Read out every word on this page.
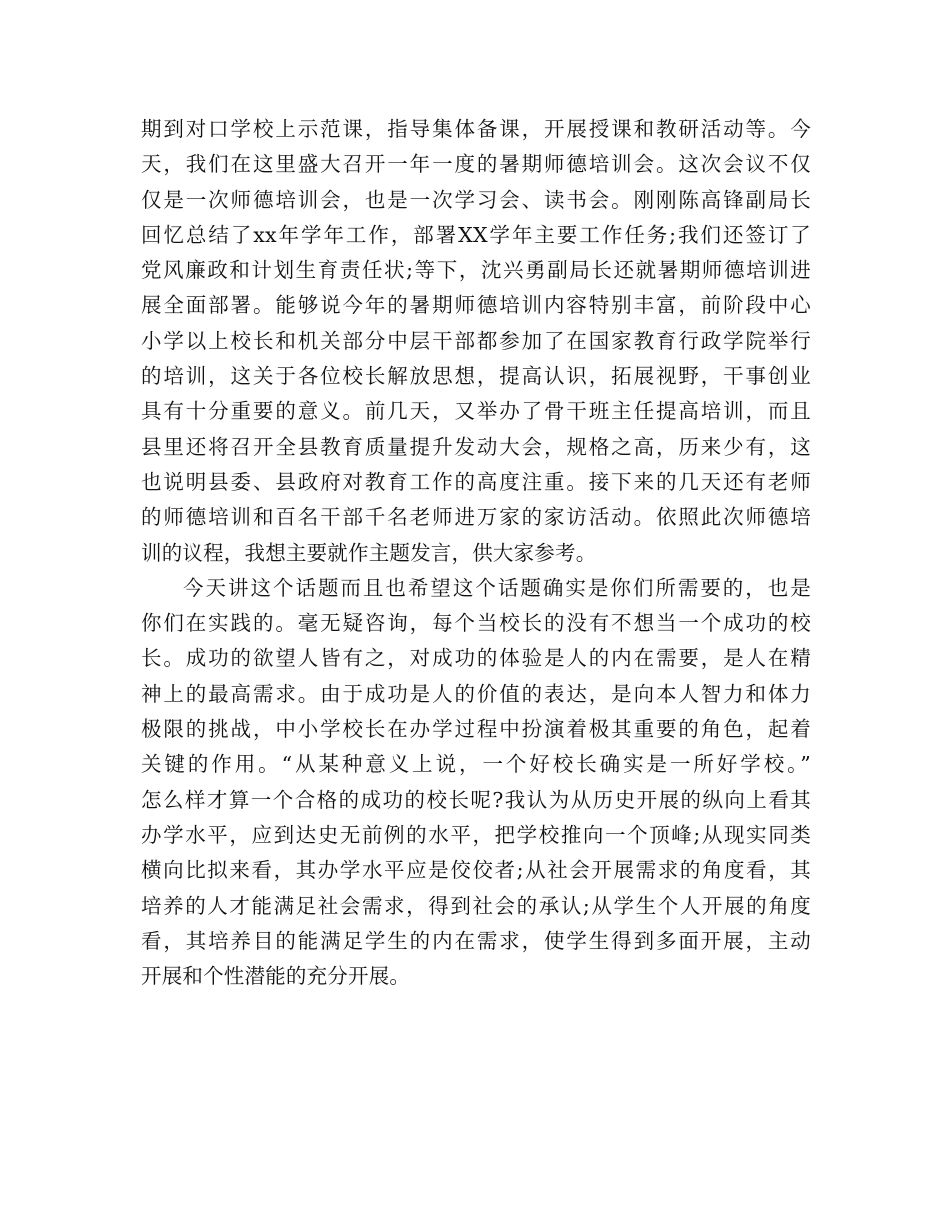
期到对口学校上示范课，指导集体备课，开展授课和教研活动等。今
天，我们在这里盛大召开一年一度的暑期师德培训会。这次会议不仅
仅是一次师德培训会，也是一次学习会、读书会。刚刚陈高锋副局长
回忆总结了xx年学年工作，部署XX学年主要工作任务;我们还签订了
党风廉政和计划生育责任状;等下，沈兴勇副局长还就暑期师德培训进
展全面部署。能够说今年的暑期师德培训内容特别丰富，前阶段中心
小学以上校长和机关部分中层干部都参加了在国家教育行政学院举行
的培训，这关于各位校长解放思想，提高认识，拓展视野，干事创业
具有十分重要的意义。前几天，又举办了骨干班主任提高培训，而且
县里还将召开全县教育质量提升发动大会，规格之高，历来少有，这
也说明县委、县政府对教育工作的高度注重。接下来的几天还有老师
的师德培训和百名干部千名老师进万家的家访活动。依照此次师德培
训的议程，我想主要就作主题发言，供大家参考。
今天讲这个话题而且也希望这个话题确实是你们所需要的，也是
你们在实践的。毫无疑咨询，每个当校长的没有不想当一个成功的校
长。成功的欲望人皆有之，对成功的体验是人的内在需要，是人在精
神上的最高需求。由于成功是人的价值的表达，是向本人智力和体力
极限的挑战，中小学校长在办学过程中扮演着极其重要的角色，起着
关键的作用。“从某种意义上说，一个好校长确实是一所好学校。”
怎么样才算一个合格的成功的校长呢?我认为从历史开展的纵向上看其
办学水平，应到达史无前例的水平，把学校推向一个顶峰;从现实同类
横向比拟来看，其办学水平应是佼佼者;从社会开展需求的角度看，其
培养的人才能满足社会需求，得到社会的承认;从学生个人开展的角度
看，其培养目的能满足学生的内在需求，使学生得到多面开展，主动
开展和个性潜能的充分开展。
